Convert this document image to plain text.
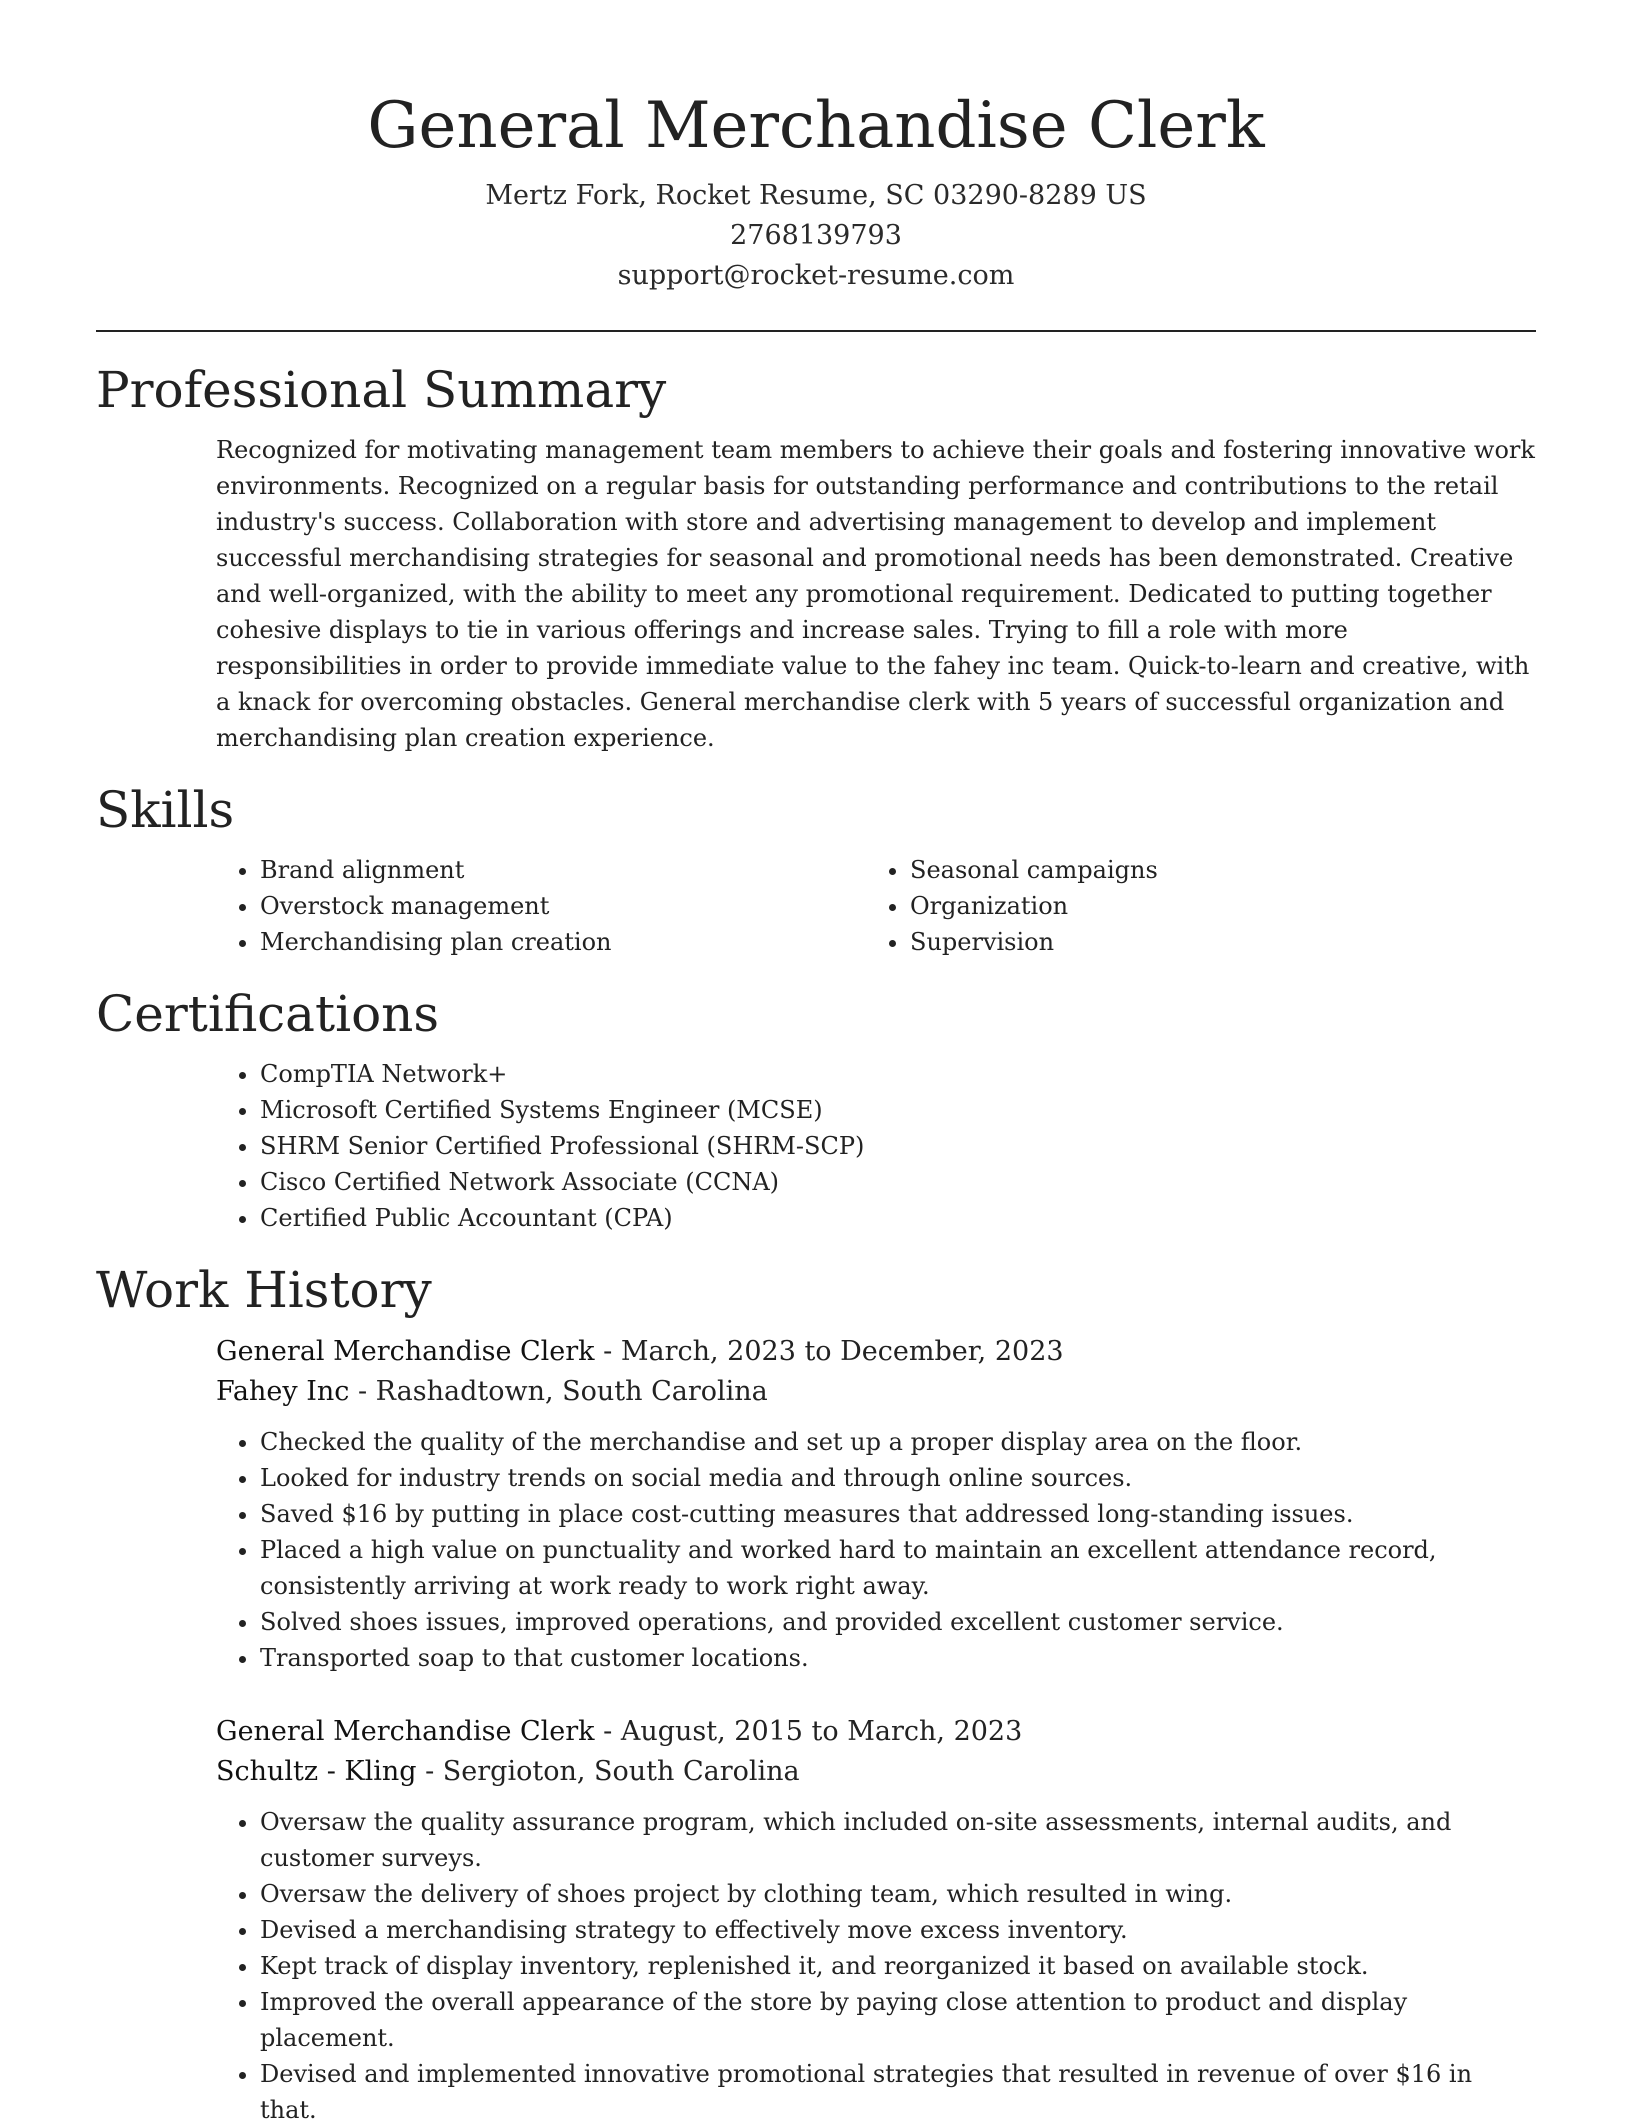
General Merchandise Clerk
Mertz Fork, Rocket Resume, SC 03290-8289 US
2768139793
support@rocket-resume.com
Professional Summary

Recognized for motivating management team members to achieve their goals and fostering innovative work environments. Recognized on a regular basis for outstanding performance and contributions to the retail industry's success. Collaboration with store and advertising management to develop and implement successful merchandising strategies for seasonal and promotional needs has been demonstrated. Creative and well-organized, with the ability to meet any promotional requirement. Dedicated to putting together cohesive displays to tie in various offerings and increase sales. Trying to fill a role with more responsibilities in order to provide immediate value to the fahey inc team. Quick-to-learn and creative, with a knack for overcoming obstacles. General merchandise clerk with 5 years of successful organization and merchandising plan creation experience.

Skills
• Brand alignment
• Overstock management
• Merchandising plan creation
• Seasonal campaigns
• Organization
• Supervision
Certifications
• CompTIA Network+
• Microsoft Certified Systems Engineer (MCSE)
• SHRM Senior Certified Professional (SHRM-SCP)
• Cisco Certified Network Associate (CCNA)
• Certified Public Accountant (CPA)
Work History
General Merchandise Clerk - March, 2023 to December, 2023
Fahey Inc - Rashadtown, South Carolina
• Checked the quality of the merchandise and set up a proper display area on the floor.
• Looked for industry trends on social media and through online sources.
• Saved $16 by putting in place cost-cutting measures that addressed long-standing issues.
• Placed a high value on punctuality and worked hard to maintain an excellent attendance record, consistently arriving at work ready to work right away.
• Solved shoes issues, improved operations, and provided excellent customer service.
• Transported soap to that customer locations.
General Merchandise Clerk - August, 2015 to March, 2023
Schultz - Kling - Sergioton, South Carolina
• Oversaw the quality assurance program, which included on-site assessments, internal audits, and customer surveys.
• Oversaw the delivery of shoes project by clothing team, which resulted in wing.
• Devised a merchandising strategy to effectively move excess inventory.
• Kept track of display inventory, replenished it, and reorganized it based on available stock.
• Improved the overall appearance of the store by paying close attention to product and display placement.
• Devised and implemented innovative promotional strategies that resulted in revenue of over $16 in that.
